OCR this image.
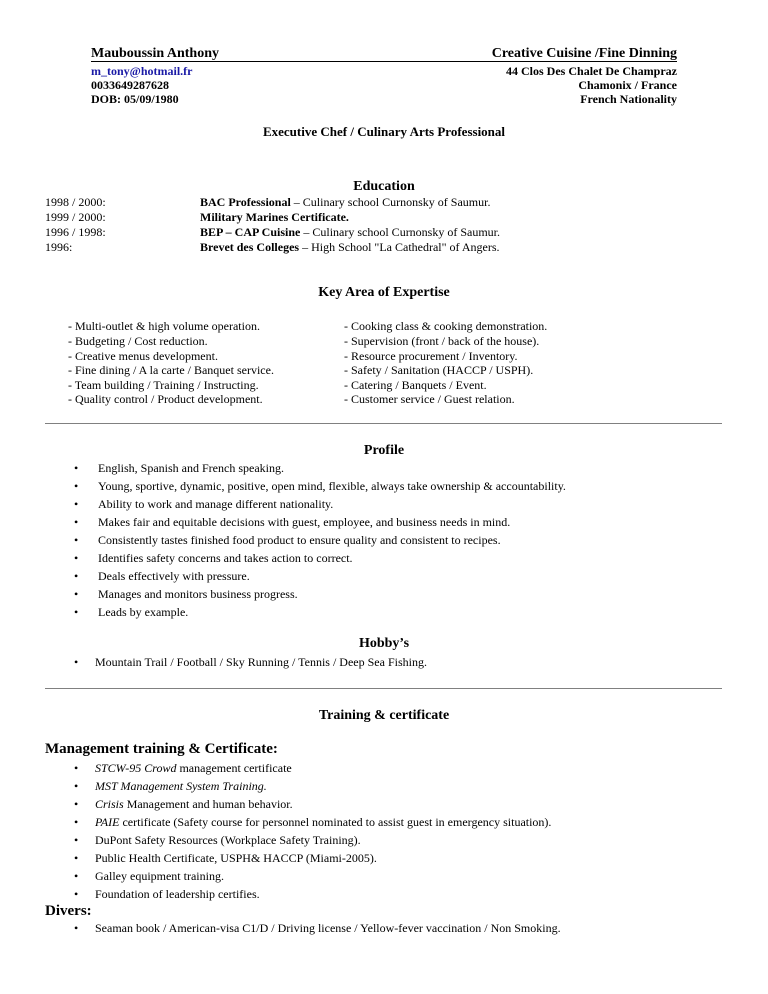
Mauboussin Anthony
m_tony@hotmail.fr
0033649287628
DOB: 05/09/1980
Creative Cuisine /Fine Dinning
44 Clos Des Chalet De Champraz
Chamonix / France
French Nationality
Executive Chef / Culinary Arts Professional
Education
1998 / 2000:	BAC Professional – Culinary school Curnonsky of Saumur.
1999 / 2000:	Military Marines Certificate.
1996 / 1998:	BEP – CAP Cuisine – Culinary school Curnonsky of Saumur.
1996:	Brevet des Colleges – High School "La Cathedral" of Angers.
Key Area of Expertise
- Multi-outlet & high volume operation.
- Budgeting / Cost reduction.
- Creative menus development.
- Fine dining / A la carte / Banquet service.
- Team building / Training / Instructing.
- Quality control / Product development.
- Cooking class & cooking demonstration.
- Supervision (front / back of the house).
- Resource procurement / Inventory.
- Safety / Sanitation (HACCP / USPH).
- Catering / Banquets / Event.
- Customer service / Guest relation.
Profile
• English, Spanish and French speaking.
• Young, sportive, dynamic, positive, open mind, flexible, always take ownership & accountability.
• Ability to work and manage different nationality.
• Makes fair and equitable decisions with guest, employee, and business needs in mind.
• Consistently tastes finished food product to ensure quality and consistent to recipes.
• Identifies safety concerns and takes action to correct.
• Deals effectively with pressure.
• Manages and monitors business progress.
• Leads by example.
Hobby’s
• Mountain Trail / Football / Sky Running / Tennis / Deep Sea Fishing.
Training & certificate
Management training & Certificate:
• STCW-95 Crowd management certificate
• MST Management System Training.
• Crisis Management and human behavior.
• PAIE certificate (Safety course for personnel nominated to assist guest in emergency situation).
• DuPont Safety Resources (Workplace Safety Training).
• Public Health Certificate, USPH& HACCP (Miami-2005).
• Galley equipment training.
• Foundation of leadership certifies.
Divers:
• Seaman book / American-visa C1/D / Driving license / Yellow-fever vaccination / Non Smoking.
